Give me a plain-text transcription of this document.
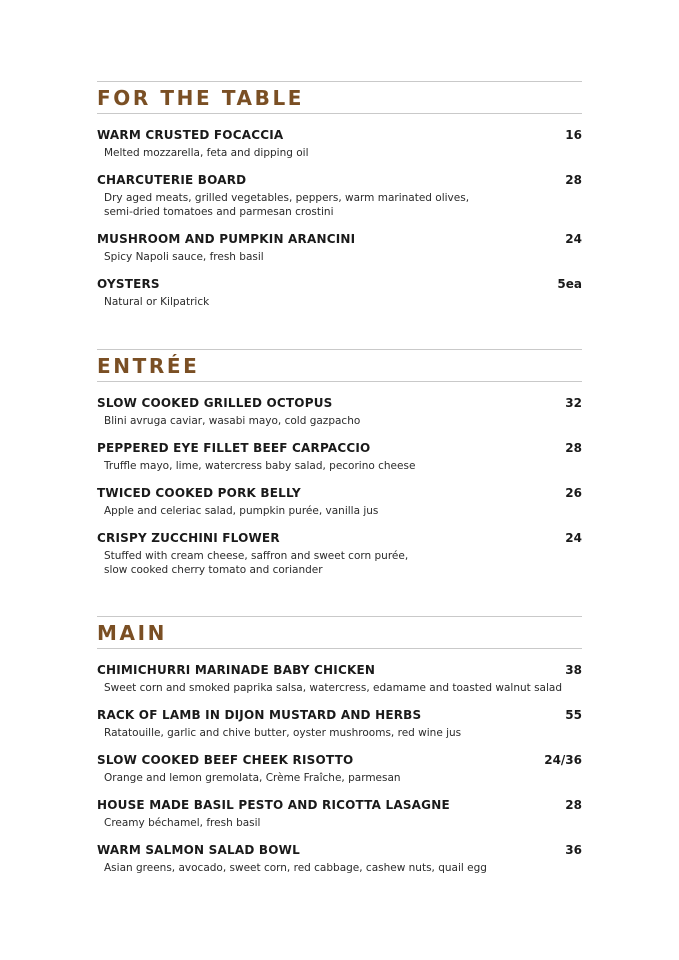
FOR THE TABLE
WARM CRUSTED FOCACCIA	16
Melted mozzarella, feta and dipping oil
CHARCUTERIE BOARD	28
Dry aged meats, grilled vegetables, peppers, warm marinated olives,
semi-dried tomatoes and parmesan crostini
MUSHROOM AND PUMPKIN ARANCINI	24
Spicy Napoli sauce, fresh basil
OYSTERS	5ea
Natural or Kilpatrick
ENTRÉE
SLOW COOKED GRILLED OCTOPUS	32
Blini avruga caviar, wasabi mayo, cold gazpacho
PEPPERED EYE FILLET BEEF CARPACCIO	28
Truffle mayo, lime, watercress baby salad, pecorino cheese
TWICED COOKED PORK BELLY	26
Apple and celeriac salad, pumpkin purée, vanilla jus
CRISPY ZUCCHINI FLOWER	24
Stuffed with cream cheese, saffron and sweet corn purée,
slow cooked cherry tomato and coriander
MAIN
CHIMICHURRI MARINADE BABY CHICKEN	38
Sweet corn and smoked paprika salsa, watercress, edamame and toasted walnut salad
RACK OF LAMB IN DIJON MUSTARD AND HERBS	55
Ratatouille, garlic and chive butter, oyster mushrooms, red wine jus
SLOW COOKED BEEF CHEEK RISOTTO	24/36
Orange and lemon gremolata, Crème Fraîche, parmesan
HOUSE MADE BASIL PESTO AND RICOTTA LASAGNE	28
Creamy béchamel, fresh basil
WARM SALMON SALAD BOWL	36
Asian greens, avocado, sweet corn, red cabbage, cashew nuts, quail egg
